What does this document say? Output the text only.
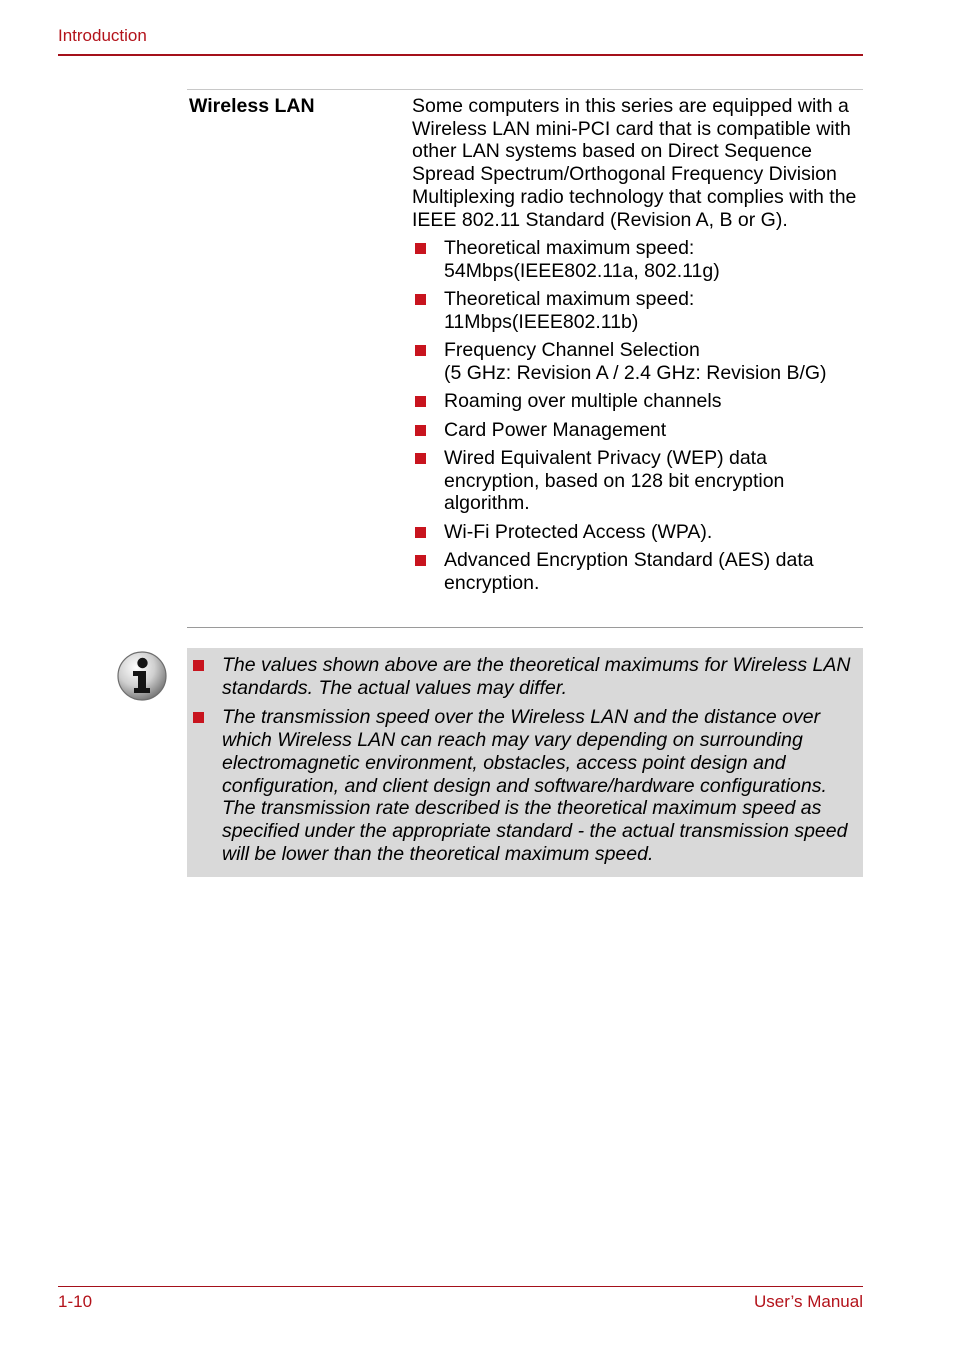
Introduction
Wireless LAN	Some computers in this series are equipped with a Wireless LAN mini-PCI card that is compatible with other LAN systems based on Direct Sequence Spread Spectrum/Orthogonal Frequency Division Multiplexing radio technology that complies with the IEEE 802.11 Standard (Revision A, B or G).

Theoretical maximum speed:
54Mbps(IEEE802.11a, 802.11g)
Theoretical maximum speed:
11Mbps(IEEE802.11b)
Frequency Channel Selection
(5 GHz: Revision A / 2.4 GHz: Revision B/G)
Roaming over multiple channels
Card Power Management
Wired Equivalent Privacy (WEP) data encryption, based on 128 bit encryption algorithm.
Wi-Fi Protected Access (WPA).
Advanced Encryption Standard (AES) data encryption.
The values shown above are the theoretical maximums for Wireless LAN standards. The actual values may differ.
The transmission speed over the Wireless LAN and the distance over which Wireless LAN can reach may vary depending on surrounding electromagnetic environment, obstacles, access point design and configuration, and client design and software/hardware configurations. The transmission rate described is the theoretical maximum speed as specified under the appropriate standard - the actual transmission speed will be lower than the theoretical maximum speed.
1-10	User’s Manual
